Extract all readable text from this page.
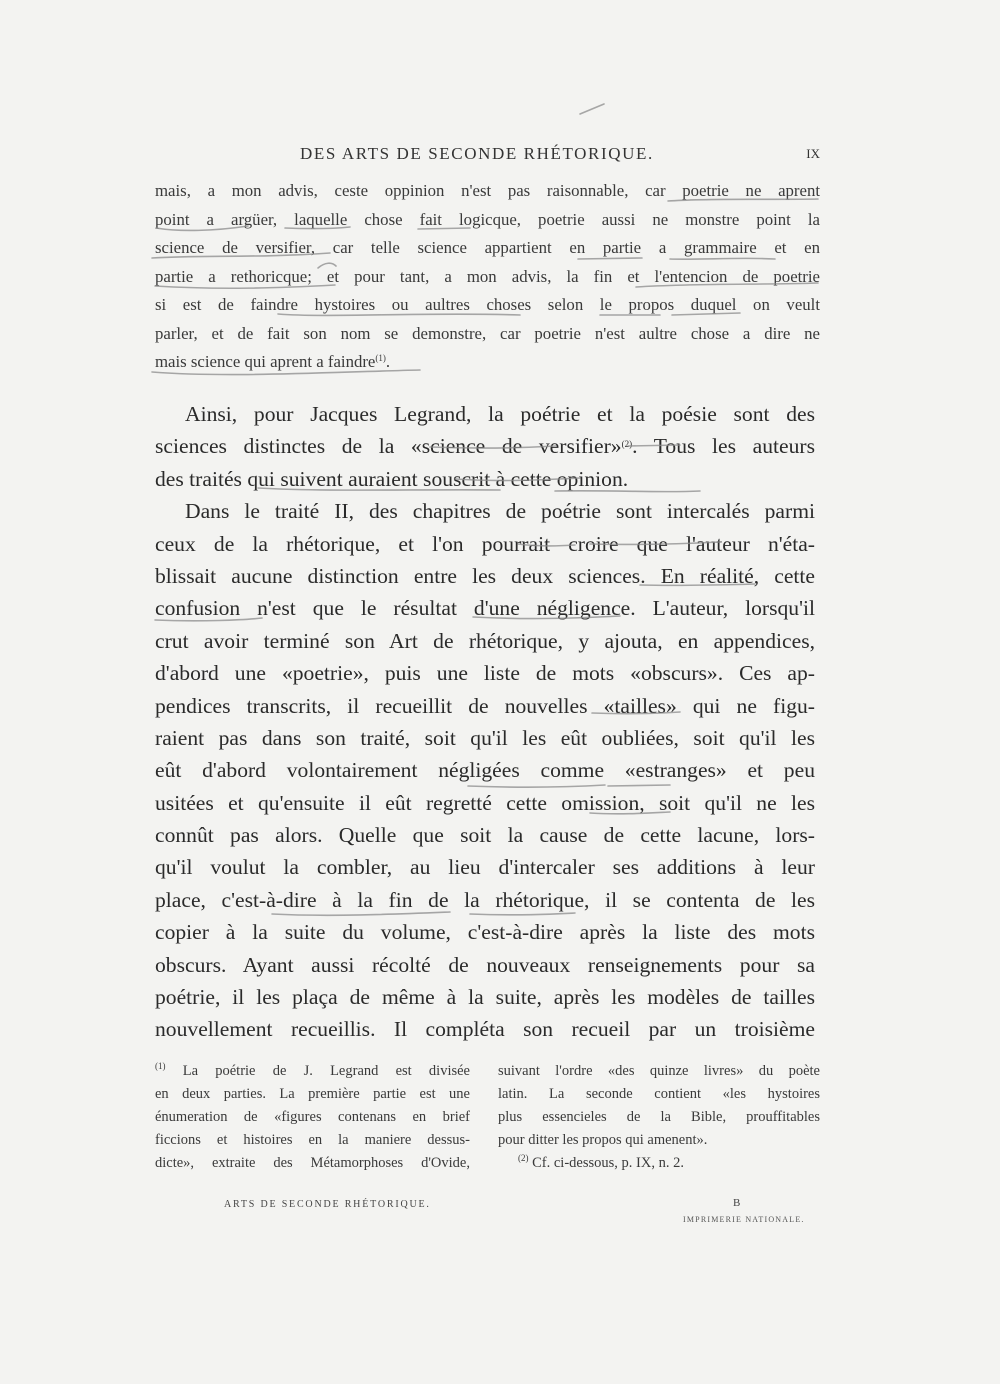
DES ARTS DE SECONDE RHÉTORIQUE.	IX
mais, a mon advis, ceste oppinion n'est pas raisonnable, car poetrie ne aprent
point a argüer, laquelle chose fait logicque, poetrie aussi ne monstre point la
science de versifier, car telle science appartient en partie a grammaire et en
partie a rethoricque; et pour tant, a mon advis, la fin et l'entencion de poetrie
si est de faindre hystoires ou aultres choses selon le propos duquel on veult
parler, et de fait son nom se demonstre, car poetrie n'est aultre chose a dire ne
mais science qui aprent a faindre$^{(1)}$.
Ainsi, pour Jacques Legrand, la poétrie et la poésie sont des
sciences distinctes de la «science de versifier»$^{(2)}$. Tous les auteurs
des traités qui suivent auraient souscrit à cette opinion.
Dans le traité II, des chapitres de poétrie sont intercalés parmi
ceux de la rhétorique, et l'on pourrait croire que l'auteur n'éta-
blissait aucune distinction entre les deux sciences. En réalité, cette
confusion n'est que le résultat d'une négligence. L'auteur, lorsqu'il
crut avoir terminé son Art de rhétorique, y ajouta, en appendices,
d'abord une «poetrie», puis une liste de mots «obscurs». Ces ap-
pendices transcrits, il recueillit de nouvelles «tailles» qui ne figu-
raient pas dans son traité, soit qu'il les eût oubliées, soit qu'il les
eût d'abord volontairement négligées comme «estranges» et peu
usitées et qu'ensuite il eût regretté cette omission, soit qu'il ne les
connût pas alors. Quelle que soit la cause de cette lacune, lors-
qu'il voulut la combler, au lieu d'intercaler ses additions à leur
place, c'est-à-dire à la fin de la rhétorique, il se contenta de les
copier à la suite du volume, c'est-à-dire après la liste des mots
obscurs. Ayant aussi récolté de nouveaux renseignements pour sa
poétrie, il les plaça de même à la suite, après les modèles de tailles
nouvellement recueillis. Il compléta son recueil par un troisième
$^{(1)}$ La poétrie de J. Legrand est divisée
en deux parties. La première partie est une
énumeration de «figures contenans en brief
ficcions et histoires en la maniere dessus-
dicte», extraite des Métamorphoses d'Ovide,
suivant l'ordre «des quinze livres» du poète
latin. La seconde contient «les hystoires
plus essencieles de la Bible, prouffitables
pour ditter les propos qui amenent».
$^{(2)}$ Cf. ci-dessous, p. IX, n. 2.
ARTS DE SECONDE RHÉTORIQUE.	B
IMPRIMERIE NATIONALE.
